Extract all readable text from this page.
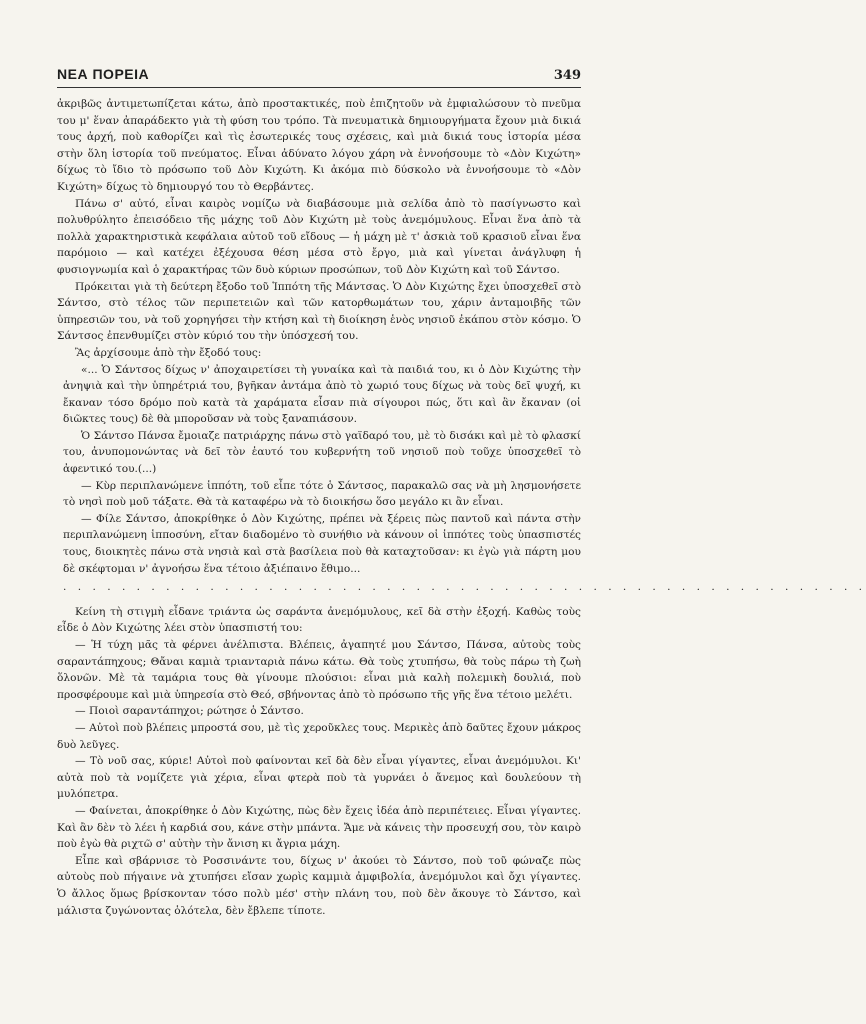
ΝΕΑ ΠΟΡΕΙΑ	349

ἀκριβῶς ἀντιμετωπίζεται κάτω, ἀπὸ προστακτικές, ποὺ ἐπιζητοῦν νὰ ἐμφιαλώσουν τὸ πνεῦμα του μ' ἕναν ἀπαράδεκτο γιὰ τὴ φύση του τρόπο. Τὰ πνευματικὰ δημιουργήματα ἔχουν μιὰ δικιά τους ἀρχή, ποὺ καθορίζει καὶ τὶς ἐσωτερικές τους σχέσεις, καὶ μιὰ δικιά τους ἱστορία μέσα στὴν ὅλη ἱστορία τοῦ πνεύματος. Εἶναι ἀδύνατο λόγου χάρη νὰ ἐννοήσουμε τὸ «Δὸν Κιχώτη» δίχως τὸ ἴδιο τὸ πρόσωπο τοῦ Δὸν Κιχώτη. Κι ἀκόμα πιὸ δύσκολο νὰ ἐννοήσουμε τὸ «Δὸν Κιχώτη» δίχως τὸ δημιουργό του τὸ Θερβάντες.

Πάνω σ' αὐτό, εἶναι καιρὸς νομίζω νὰ διαβάσουμε μιὰ σελίδα ἀπὸ τὸ πασίγνωστο καὶ πολυθρύλητο ἐπεισόδειο τῆς μάχης τοῦ Δὸν Κιχώτη μὲ τοὺς ἀνεμόμυλους. Εἶναι ἕνα ἀπὸ τὰ πολλὰ χαρακτηριστικὰ κεφάλαια αὐτοῦ τοῦ εἴδους — ἡ μάχη μὲ τ' ἀσκιὰ τοῦ κρασιοῦ εἶναι ἕνα παρόμοιο — καὶ κατέχει ἐξέχουσα θέση μέσα στὸ ἔργο, μιὰ καὶ γίνεται ἀνάγλυφη ἡ φυσιογνωμία καὶ ὁ χαρακτήρας τῶν δυὸ κύριων προσώπων, τοῦ Δὸν Κιχώτη καὶ τοῦ Σάντσο.

Πρόκειται γιὰ τὴ δεύτερη ἔξοδο τοῦ Ἱππότη τῆς Μάντσας. Ὁ Δὸν Κιχώτης ἔχει ὑποσχεθεῖ στὸ Σάντσο, στὸ τέλος τῶν περιπετειῶν καὶ τῶν κατορθωμάτων του, χάριν ἀνταμοιβῆς τῶν ὑπηρεσιῶν του, νὰ τοῦ χορηγήσει τὴν κτήση καὶ τὴ διοίκηση ἑνὸς νησιοῦ ἐκάπου στὸν κόσμο. Ὁ Σάντσος ἐπενθυμίζει στὸν κύριό του τὴν ὑπόσχεσή του.

Ἂς ἀρχίσουμε ἀπὸ τὴν ἔξοδό τους:

«... Ὁ Σάντσος δίχως ν' ἀποχαιρετίσει τὴ γυναίκα καὶ τὰ παιδιά του, κι ὁ Δὸν Κιχώτης τὴν ἀνηψιὰ καὶ τὴν ὑπηρέτριά του, βγῆκαν ἀντάμα ἀπὸ τὸ χωριό τους δίχως νὰ τοὺς δεῖ ψυχή, κι ἔκαναν τόσο δρόμο ποὺ κατὰ τὰ χαράματα εἶσαν πιὰ σίγουροι πώς, ὅτι καὶ ἂν ἔκαναν (οἱ διῶκτες τους) δὲ θὰ μποροῦσαν νὰ τοὺς ξαναπιάσουν.

Ὁ Σάντσο Πάνσα ἔμοιαζε πατριάρχης πάνω στὸ γαϊδαρό του, μὲ τὸ δισάκι καὶ μὲ τὸ φλασκί του, ἀνυπομονώντας νὰ δεῖ τὸν ἑαυτό του κυβερνήτη τοῦ νησιοῦ ποὺ τοῦχε ὑποσχεθεῖ τὸ ἀφεντικό του.(...)

— Κὺρ περιπλανώμενε ἱππότη, τοῦ εἶπε τότε ὁ Σάντσος, παρακαλῶ σας νὰ μὴ λησμονήσετε τὸ νησὶ ποὺ μοῦ τάξατε. Θὰ τὰ καταφέρω νὰ τὸ διοικήσω ὅσο μεγάλο κι ἂν εἶναι.

— Φίλε Σάντσο, ἀποκρίθηκε ὁ Δὸν Κιχώτης, πρέπει νὰ ξέρεις πὼς παντοῦ καὶ πάντα στὴν περιπλανώμενη ἱπποσύνη, εἴταν διαδομένο τὸ συνήθιο νὰ κάνουν οἱ ἱππότες τοὺς ὑπασπιστές τους, διοικητὲς πάνω στὰ νησιὰ καὶ στὰ βασίλεια ποὺ θὰ καταχτοῦσαν: κι ἐγὼ γιὰ πάρτη μου δὲ σκέφτομαι ν' ἀγνοήσω ἕνα τέτοιο ἀξιέπαινο ἔθιμο...

. . . . . . . . . . . . . . . . . . . . . . . . . . . . . . . . . . . . . . . . . . . . . . . . . . . . . . .

Κείνη τὴ στιγμὴ εἶδανε τριάντα ὡς σαράντα ἀνεμόμυλους, κεῖ δὰ στὴν ἐξοχή. Καθὼς τοὺς εἶδε ὁ Δὸν Κιχώτης λέει στὸν ὑπασπιστή του:

— Ἡ τύχη μᾶς τὰ φέρνει ἀνέλπιστα. Βλέπεις, ἀγαπητέ μου Σάντσο, Πάνσα, αὐτοὺς τοὺς σαραντάπηχους; Θἄναι καμιὰ τριανταριὰ πάνω κάτω. Θὰ τοὺς χτυπήσω, θὰ τοὺς πάρω τὴ ζωὴ ὅλονῶν. Μὲ τὰ ταμάρια τους θὰ γίνουμε πλούσιοι: εἶναι μιὰ καλὴ πολεμικὴ δουλιά, ποὺ προσφέρουμε καὶ μιὰ ὑπηρεσία στὸ Θεό, σβήνοντας ἀπὸ τὸ πρόσωπο τῆς γῆς ἕνα τέτοιο μελέτι.

— Ποιοὶ σαραντάπηχοι; ρώτησε ὁ Σάντσο.

— Αὐτοὶ ποὺ βλέπεις μπροστά σου, μὲ τὶς χεροῦκλες τους. Μερικὲς ἀπὸ δαῦτες ἔχουν μάκρος δυὸ λεῦγες.

— Τὸ νοῦ σας, κύριε! Αὐτοὶ ποὺ φαίνονται κεῖ δὰ δὲν εἶναι γίγαντες, εἶναι ἀνεμόμυλοι. Κι' αὐτὰ ποὺ τὰ νομίζετε γιὰ χέρια, εἶναι φτερὰ ποὺ τὰ γυρνάει ὁ ἄνεμος καὶ δουλεύουν τὴ μυλόπετρα.

— Φαίνεται, ἀποκρίθηκε ὁ Δὸν Κιχώτης, πὼς δὲν ἔχεις ἰδέα ἀπὸ περιπέτειες. Εἶναι γίγαντες. Καὶ ἂν δὲν τὸ λέει ἡ καρδιά σου, κάνε στὴν μπάντα. Ἄμε νὰ κάνεις τὴν προσευχή σου, τὸν καιρὸ ποὺ ἐγὼ θὰ ριχτῶ σ' αὐτὴν τὴν ἄνιση κι ἄγρια μάχη.

Εἶπε καὶ σβάρνισε τὸ Ροσσινάντε του, δίχως ν' ἀκούει τὸ Σάντσο, ποὺ τοῦ φώναζε πὼς αὐτοὺς ποὺ πήγαινε νὰ χτυπήσει εἴσαν χωρὶς καμμιὰ ἀμφιβολία, ἀνεμόμυλοι καὶ ὄχι γίγαντες. Ὁ ἄλλος ὅμως βρίσκονταν τόσο πολὺ μέσ' στὴν πλάνη του, ποὺ δὲν ἄκουγε τὸ Σάντσο, καὶ μάλιστα ζυγώνοντας ὁλότελα, δὲν ἔβλεπε τίποτε.
